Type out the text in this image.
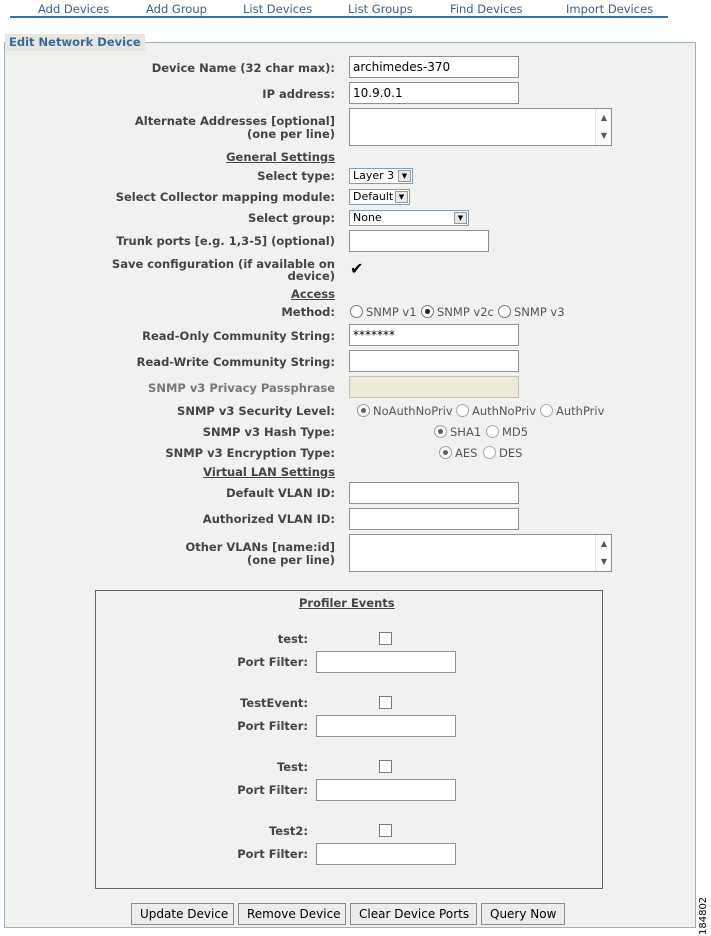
Add Devices	Add Group	List Devices	List Groups	Find Devices	Import Devices
Edit Network Device
Device Name (32 char max):	archimedes-370
IP address:	10.9.0.1
Alternate Addresses [optional]
(one per line)
▲
▼
General Settings
Select type:	Layer 3	▼
Select Collector mapping module:	Default ▼
Select group:	None	▼
Trunk ports [e.g. 1,3-5] (optional)
Save configuration (if available on
device) ✔
Access
Method:	SNMP v1 SNMP v2c SNMP v3
Read-Only Community String:	*******
Read-Write Community String:
SNMP v3 Privacy Passphrase
SNMP v3 Security Level:	NoAuthNoPriv AuthNoPriv AuthPriv
SNMP v3 Hash Type:	SHA1 MD5
SNMP v3 Encryption Type:	AES DES
Virtual LAN Settings
Default VLAN ID:
Authorized VLAN ID:
Other VLANs [name:id]
(one per line)
▲
▼
Profiler Events
test:
Port Filter:
TestEvent:
Port Filter:
Test:
Port Filter:
Test2:
Port Filter:
Update Device	Remove Device	Clear Device Ports	Query Now	184802
